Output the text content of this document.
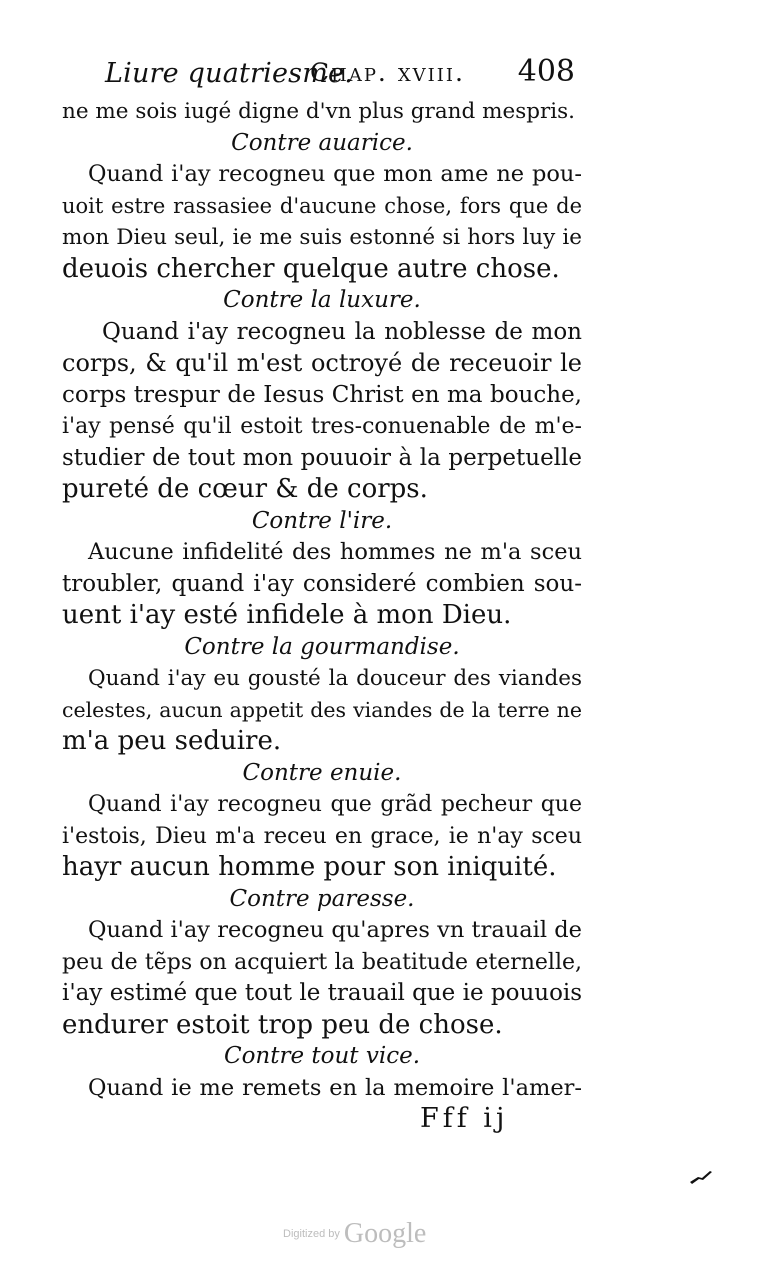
Liure quatriesme.
Chap. xviii. 408
ne me sois iugé digne d'vn plus grand mespris.
Contre auarice.
Quand i'ay recogneu que mon ame ne pou-
uoit estre rassasiee d'aucune chose, fors que de
mon Dieu seul, ie me suis estonné si hors luy ie
deuois chercher quelque autre chose.
Contre la luxure.
Quand i'ay recogneu la noblesse de mon
corps, & qu'il m'est octroyé de receuoir le
corps trespur de Iesus Christ en ma bouche,
i'ay pensé qu'il estoit tres-conuenable de m'e-
studier de tout mon pouuoir à la perpetuelle
pureté de cœur & de corps.
Contre l'ire.
Aucune infidelité des hommes ne m'a sceu
troubler, quand i'ay consideré combien sou-
uent i'ay esté infidele à mon Dieu.
Contre la gourmandise.
Quand i'ay eu gousté la douceur des viandes
celestes, aucun appetit des viandes de la terre ne
m'a peu seduire.
Contre enuie.
Quand i'ay recogneu que grãd pecheur que
i'estois, Dieu m'a receu en grace, ie n'ay sceu
hayr aucun homme pour son iniquité.
Contre paresse.
Quand i'ay recogneu qu'apres vn trauail de
peu de tẽps on acquiert la beatitude eternelle,
i'ay estimé que tout le trauail que ie pouuois
endurer estoit trop peu de chose.
Contre tout vice.
Quand ie me remets en la memoire l'amer-
Fff ij
Digitized by Google
